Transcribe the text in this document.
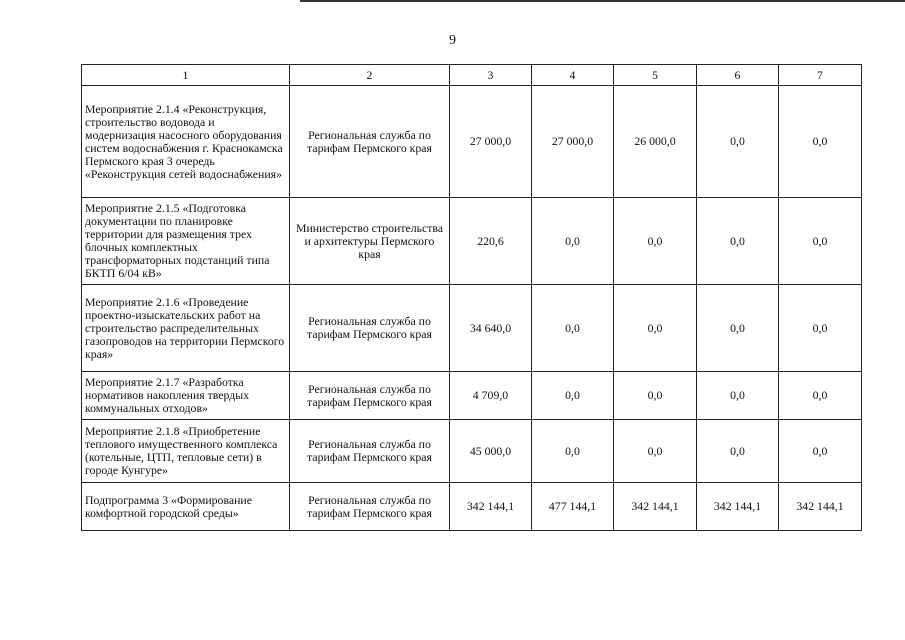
9
1	2	3	4	5	6	7
Мероприятие 2.1.4 «Реконструкция, строительство водовода и модернизация насосного оборудования систем водоснабжения г. Краснокамска Пермского края 3 очередь «Реконструкция сетей водоснабжения»	Региональная служба по тарифам Пермского края	27 000,0	27 000,0	26 000,0	0,0	0,0
Мероприятие 2.1.5 «Подготовка документации по планировке территории для размещения трех блочных комплектных трансформаторных подстанций типа БКТП 6/04 кВ»	Министерство строительства и архитектуры Пермского края	220,6	0,0	0,0	0,0	0,0
Мероприятие 2.1.6 «Проведение проектно-изыскательских работ на строительство распределительных газопроводов на территории Пермского края»	Региональная служба по тарифам Пермского края	34 640,0	0,0	0,0	0,0	0,0
Мероприятие 2.1.7 «Разработка нормативов накопления твердых коммунальных отходов»	Региональная служба по тарифам Пермского края	4 709,0	0,0	0,0	0,0	0,0
Мероприятие 2.1.8 «Приобретение теплового имущественного комплекса (котельные, ЦТП, тепловые сети) в городе Кунгуре»	Региональная служба по тарифам Пермского края	45 000,0	0,0	0,0	0,0	0,0
Подпрограмма 3 «Формирование комфортной городской среды»	Региональная служба по тарифам Пермского края	342 144,1	477 144,1	342 144,1	342 144,1	342 144,1
